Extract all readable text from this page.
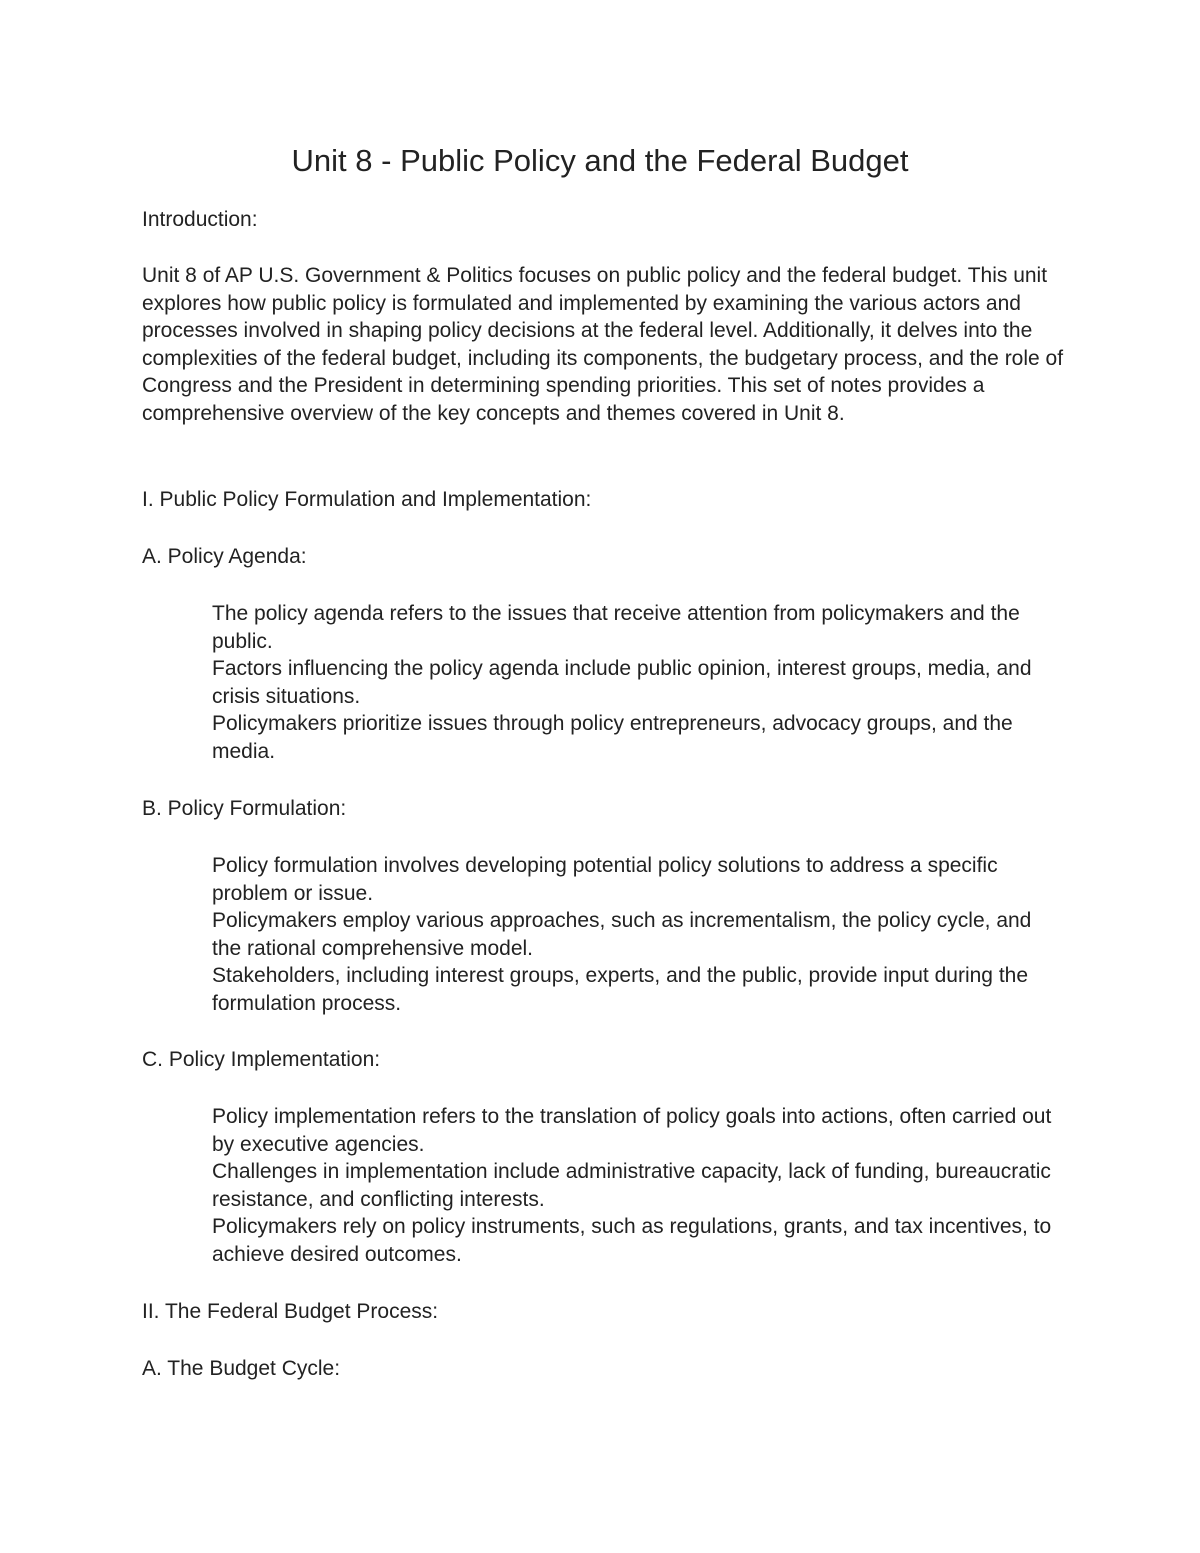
Unit 8 - Public Policy and the Federal Budget

Introduction:

Unit 8 of AP U.S. Government & Politics focuses on public policy and the federal budget. This unit explores how public policy is formulated and implemented by examining the various actors and processes involved in shaping policy decisions at the federal level. Additionally, it delves into the complexities of the federal budget, including its components, the budgetary process, and the role of Congress and the President in determining spending priorities. This set of notes provides a comprehensive overview of the key concepts and themes covered in Unit 8.

I. Public Policy Formulation and Implementation:

A. Policy Agenda:

The policy agenda refers to the issues that receive attention from policymakers and the public.
Factors influencing the policy agenda include public opinion, interest groups, media, and crisis situations.
Policymakers prioritize issues through policy entrepreneurs, advocacy groups, and the media.

B. Policy Formulation:

Policy formulation involves developing potential policy solutions to address a specific problem or issue.
Policymakers employ various approaches, such as incrementalism, the policy cycle, and the rational comprehensive model.
Stakeholders, including interest groups, experts, and the public, provide input during the formulation process.

C. Policy Implementation:

Policy implementation refers to the translation of policy goals into actions, often carried out by executive agencies.
Challenges in implementation include administrative capacity, lack of funding, bureaucratic resistance, and conflicting interests.
Policymakers rely on policy instruments, such as regulations, grants, and tax incentives, to achieve desired outcomes.

II. The Federal Budget Process:

A. The Budget Cycle:
